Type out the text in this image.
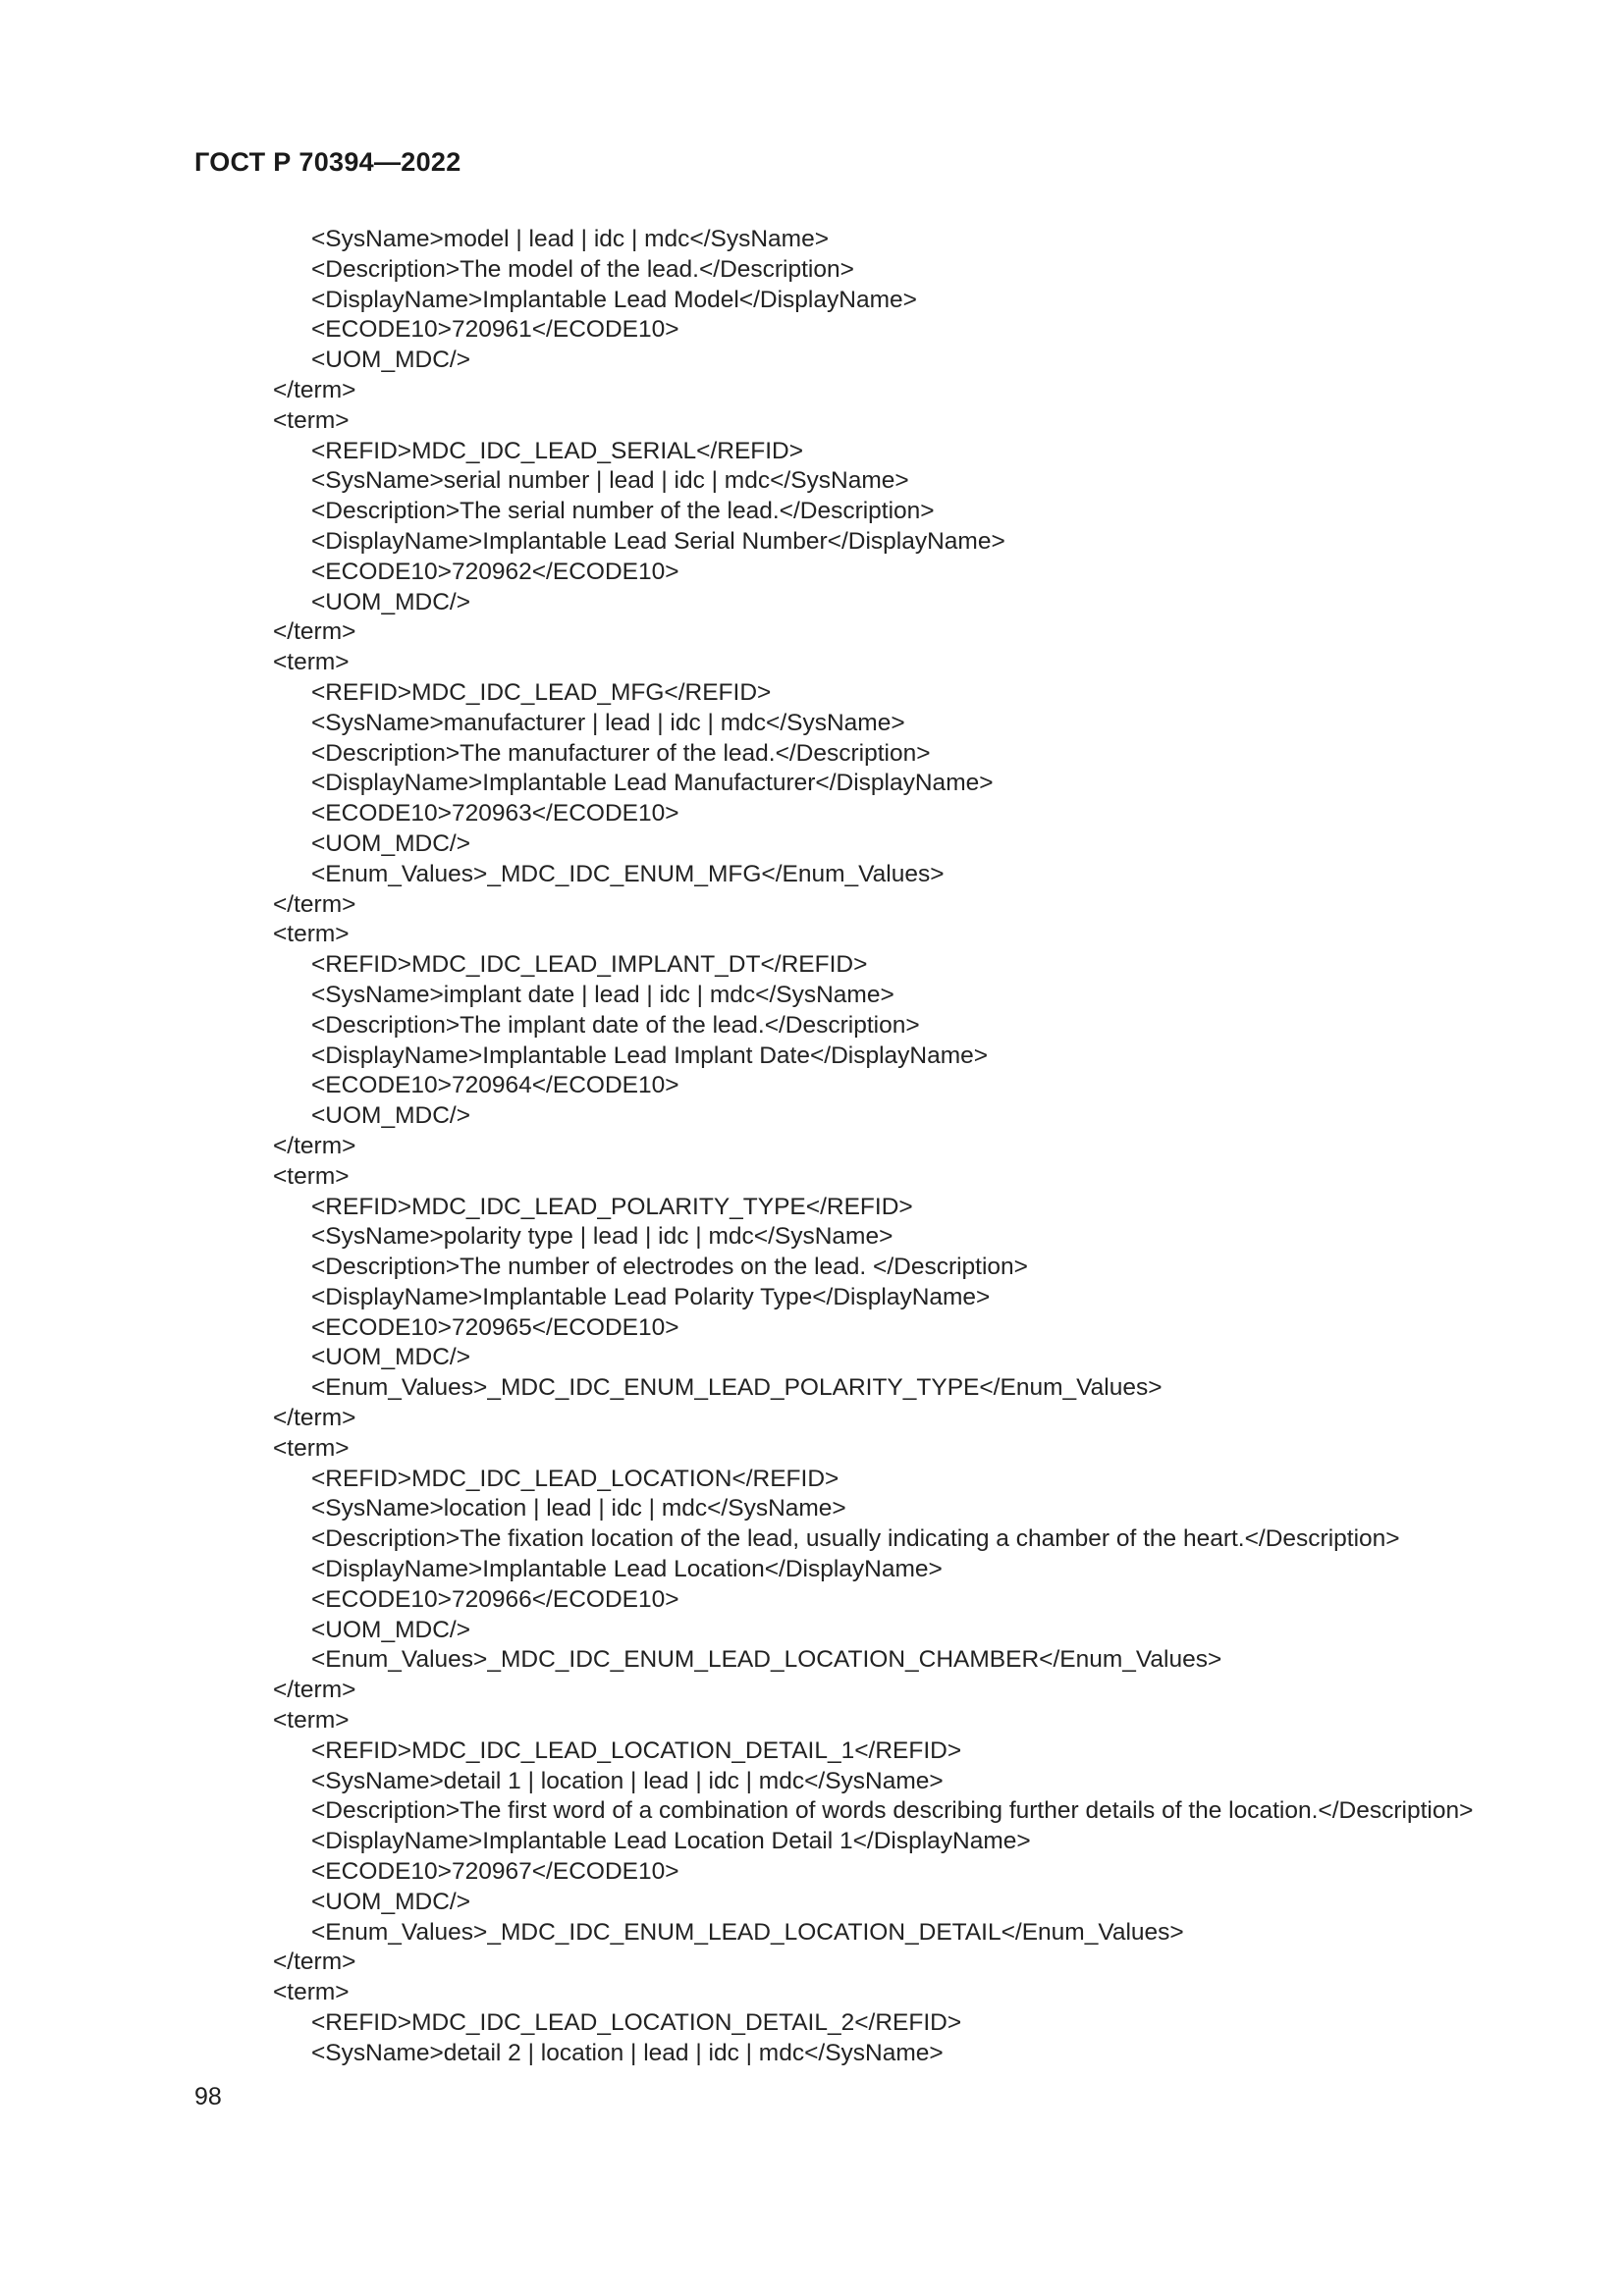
ГОСТ Р 70394—2022
<SysName>model | lead | idc | mdc</SysName>
<Description>The model of the lead.</Description>
<DisplayName>Implantable Lead Model</DisplayName>
<ECODE10>720961</ECODE10>
<UOM_MDC/>
</term>
<term>
<REFID>MDC_IDC_LEAD_SERIAL</REFID>
<SysName>serial number | lead | idc | mdc</SysName>
<Description>The serial number of the lead.</Description>
<DisplayName>Implantable Lead Serial Number</DisplayName>
<ECODE10>720962</ECODE10>
<UOM_MDC/>
</term>
<term>
<REFID>MDC_IDC_LEAD_MFG</REFID>
<SysName>manufacturer | lead | idc | mdc</SysName>
<Description>The manufacturer of the lead.</Description>
<DisplayName>Implantable Lead Manufacturer</DisplayName>
<ECODE10>720963</ECODE10>
<UOM_MDC/>
<Enum_Values>_MDC_IDC_ENUM_MFG</Enum_Values>
</term>
<term>
<REFID>MDC_IDC_LEAD_IMPLANT_DT</REFID>
<SysName>implant date | lead | idc | mdc</SysName>
<Description>The implant date of the lead.</Description>
<DisplayName>Implantable Lead Implant Date</DisplayName>
<ECODE10>720964</ECODE10>
<UOM_MDC/>
</term>
<term>
<REFID>MDC_IDC_LEAD_POLARITY_TYPE</REFID>
<SysName>polarity type | lead | idc | mdc</SysName>
<Description>The number of electrodes on the lead. </Description>
<DisplayName>Implantable Lead Polarity Type</DisplayName>
<ECODE10>720965</ECODE10>
<UOM_MDC/>
<Enum_Values>_MDC_IDC_ENUM_LEAD_POLARITY_TYPE</Enum_Values>
</term>
<term>
<REFID>MDC_IDC_LEAD_LOCATION</REFID>
<SysName>location | lead | idc | mdc</SysName>
<Description>The fixation location of the lead, usually indicating a chamber of the heart.</Description>
<DisplayName>Implantable Lead Location</DisplayName>
<ECODE10>720966</ECODE10>
<UOM_MDC/>
<Enum_Values>_MDC_IDC_ENUM_LEAD_LOCATION_CHAMBER</Enum_Values>
</term>
<term>
<REFID>MDC_IDC_LEAD_LOCATION_DETAIL_1</REFID>
<SysName>detail 1 | location | lead | idc | mdc</SysName>
<Description>The first word of a combination of words describing further details of the location.</Description>
<DisplayName>Implantable Lead Location Detail 1</DisplayName>
<ECODE10>720967</ECODE10>
<UOM_MDC/>
<Enum_Values>_MDC_IDC_ENUM_LEAD_LOCATION_DETAIL</Enum_Values>
</term>
<term>
<REFID>MDC_IDC_LEAD_LOCATION_DETAIL_2</REFID>
<SysName>detail 2 | location | lead | idc | mdc</SysName>
98
